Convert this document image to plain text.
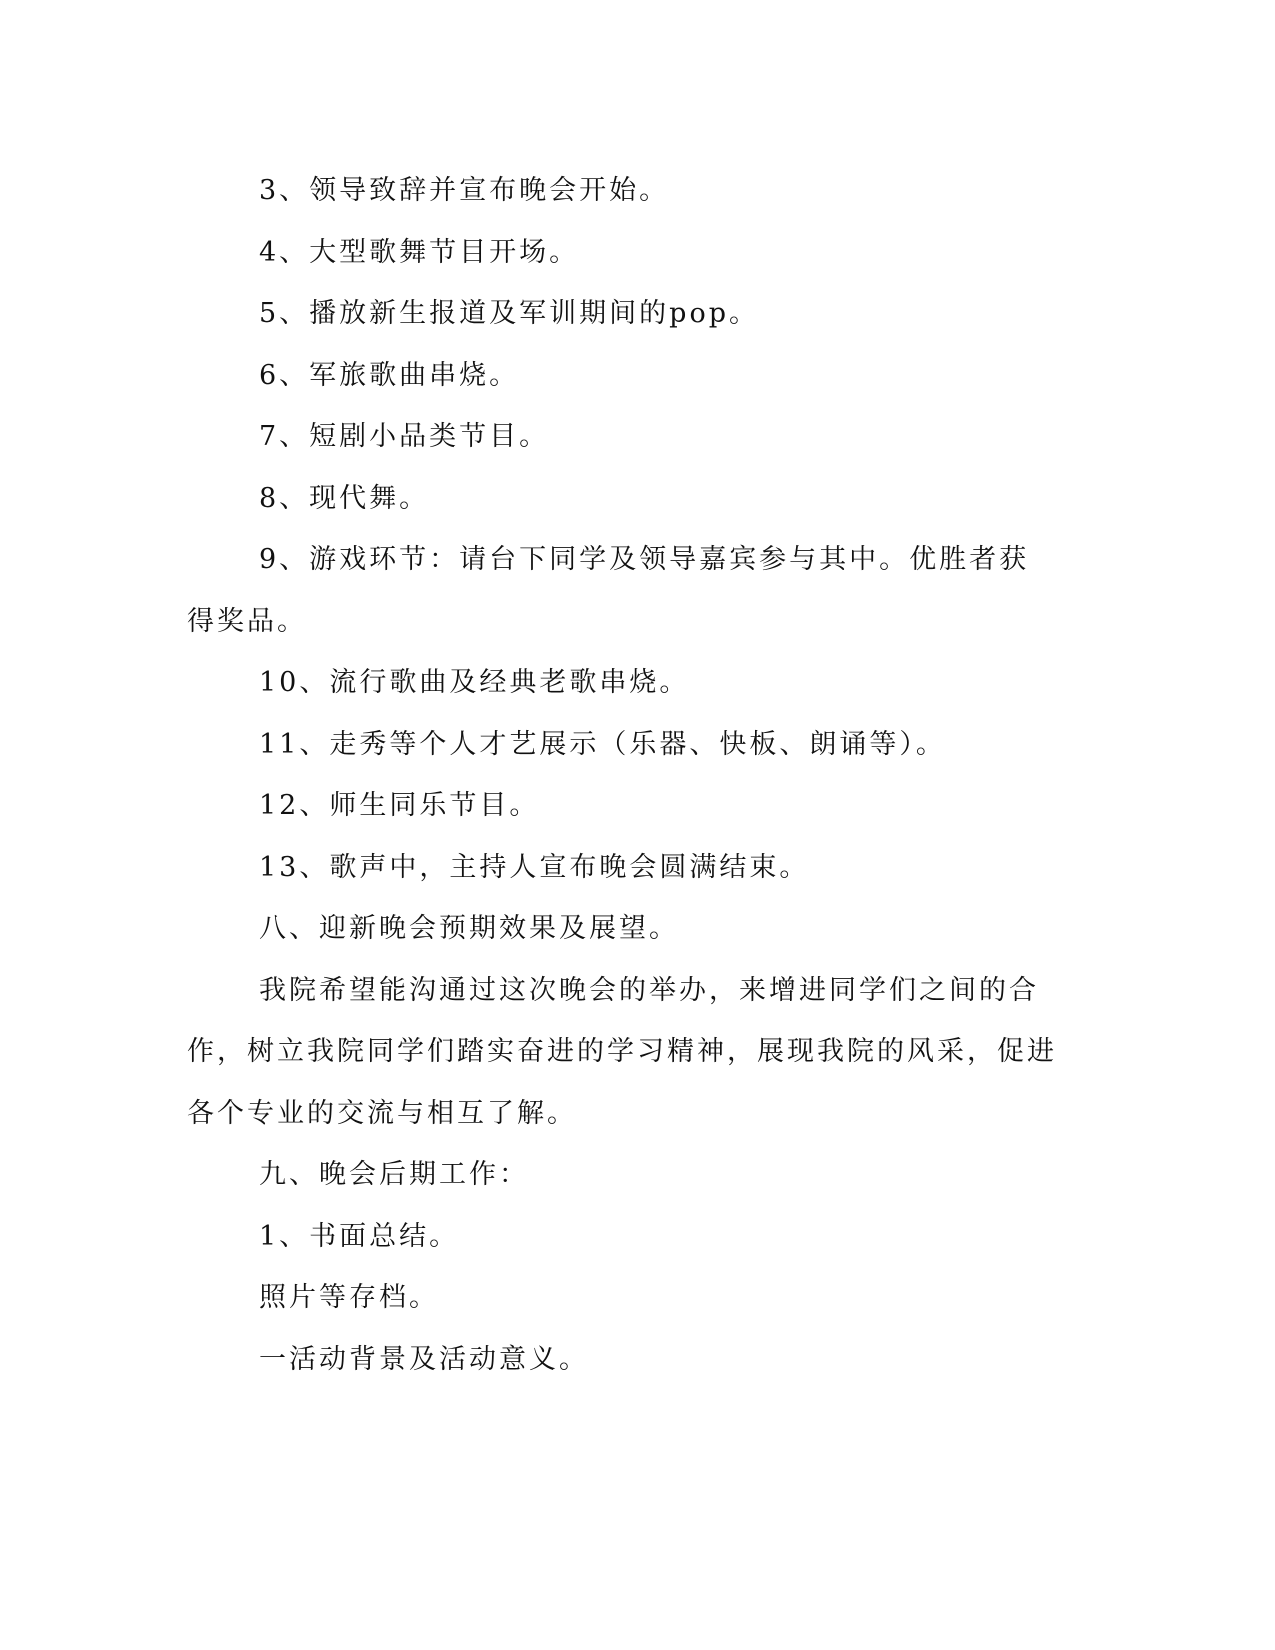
3、领导致辞并宣布晚会开始。

4、大型歌舞节目开场。

5、播放新生报道及军训期间的pop。

6、军旅歌曲串烧。

7、短剧小品类节目。

8、现代舞。

9、游戏环节：请台下同学及领导嘉宾参与其中。优胜者获得奖品。

10、流行歌曲及经典老歌串烧。

11、走秀等个人才艺展示（乐器、快板、朗诵等）。

12、师生同乐节目。

13、歌声中，主持人宣布晚会圆满结束。

八、迎新晚会预期效果及展望。

我院希望能沟通过这次晚会的举办，来增进同学们之间的合作，树立我院同学们踏实奋进的学习精神，展现我院的风采，促进各个专业的交流与相互了解。

九、晚会后期工作：

1、书面总结。

照片等存档。

一活动背景及活动意义。
